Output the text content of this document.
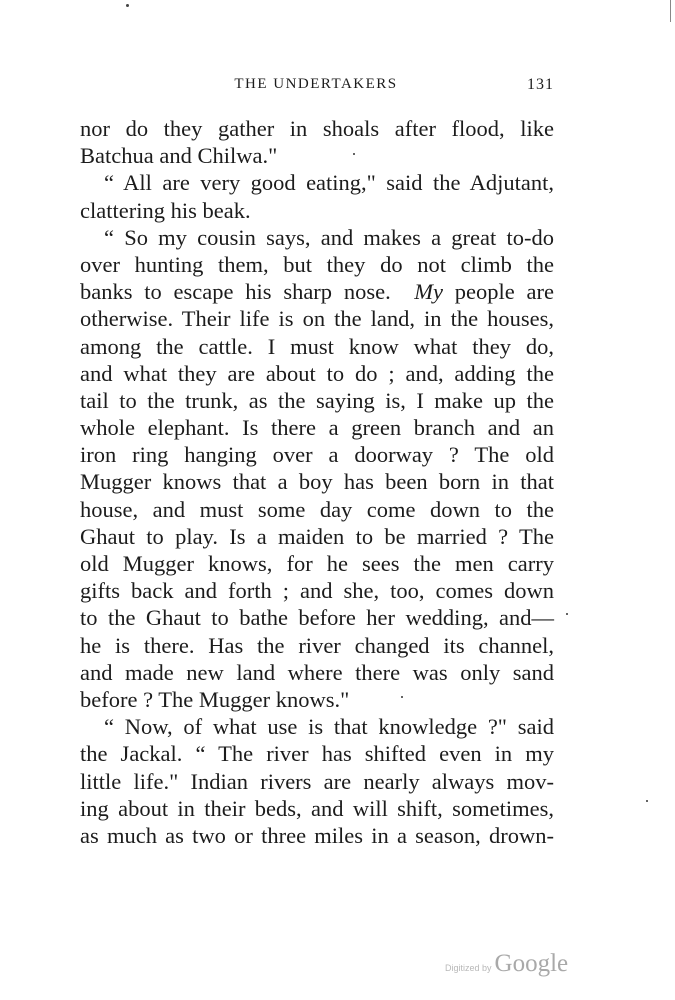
THE UNDERTAKERS	131
nor do they gather in shoals after flood, like
Batchua and Chilwa."
“ All are very good eating," said the Adjutant,
clattering his beak.
“ So my cousin says, and makes a great to-do
over hunting them, but they do not climb the
banks to escape his sharp nose. My people are
otherwise. Their life is on the land, in the houses,
among the cattle. I must know what they do,
and what they are about to do ; and, adding the
tail to the trunk, as the saying is, I make up the
whole elephant. Is there a green branch and an
iron ring hanging over a doorway ? The old
Mugger knows that a boy has been born in that
house, and must some day come down to the
Ghaut to play. Is a maiden to be married ? The
old Mugger knows, for he sees the men carry
gifts back and forth ; and she, too, comes down
to the Ghaut to bathe before her wedding, and—
he is there. Has the river changed its channel,
and made new land where there was only sand
before ? The Mugger knows."
“ Now, of what use is that knowledge ?" said
the Jackal. “ The river has shifted even in my
little life." Indian rivers are nearly always mov-
ing about in their beds, and will shift, sometimes,
as much as two or three miles in a season, drown-
Digitized by Google
